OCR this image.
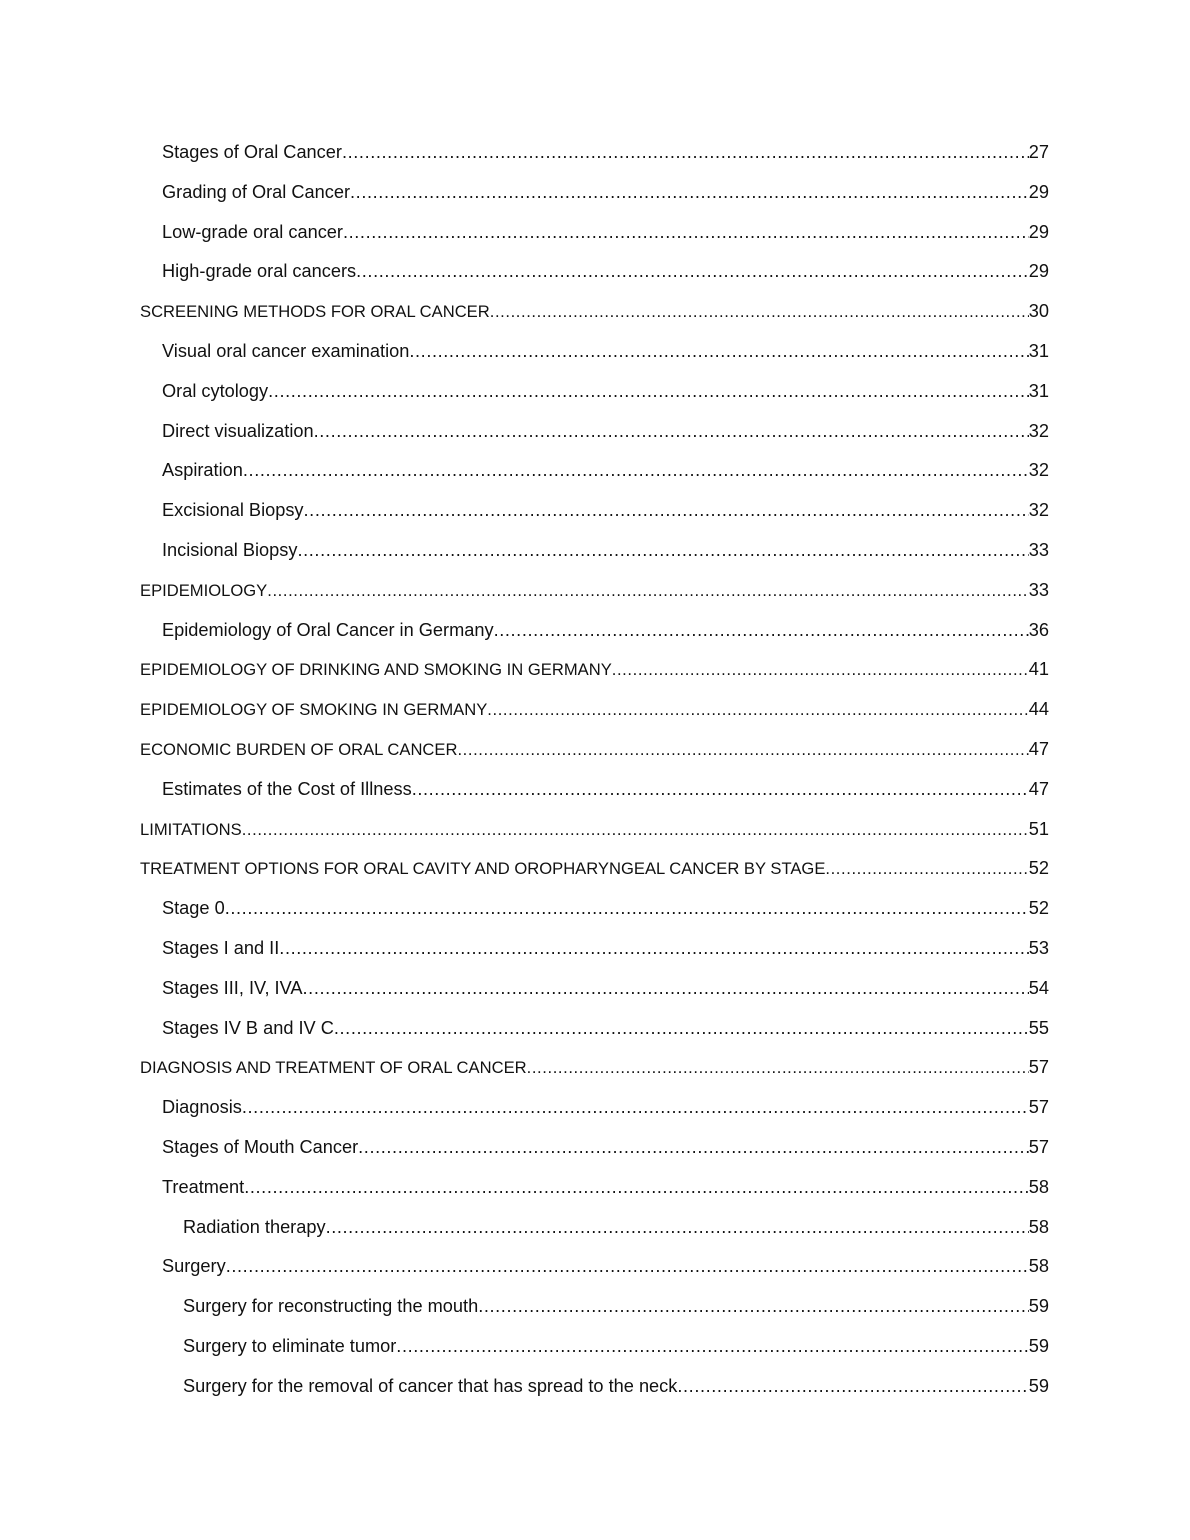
Stages of Oral Cancer .....	27
Grading of Oral Cancer .....	29
Low-grade oral cancer .....	29
High-grade oral cancers .....	29
SCREENING METHODS FOR ORAL CANCER .....	30
Visual oral cancer examination .....	31
Oral cytology .....	31
Direct visualization .....	32
Aspiration .....	32
Excisional Biopsy .....	32
Incisional Biopsy .....	33
EPIDEMIOLOGY .....	33
Epidemiology of Oral Cancer in Germany .....	36
EPIDEMIOLOGY OF DRINKING AND SMOKING IN GERMANY .....	41
EPIDEMIOLOGY OF SMOKING IN GERMANY .....	44
ECONOMIC BURDEN OF ORAL CANCER .....	47
Estimates of the Cost of Illness .....	47
LIMITATIONS .....	51
TREATMENT OPTIONS FOR ORAL CAVITY AND OROPHARYNGEAL CANCER BY STAGE .....	52
Stage 0 .....	52
Stages I and II .....	53
Stages III, IV, IVA .....	54
Stages IV B and IV C .....	55
DIAGNOSIS AND TREATMENT OF ORAL CANCER .....	57
Diagnosis .....	57
Stages of Mouth Cancer .....	57
Treatment .....	58
Radiation therapy .....	58
Surgery .....	58
Surgery for reconstructing the mouth .....	59
Surgery to eliminate tumor .....	59
Surgery for the removal of cancer that has spread to the neck .....	59
